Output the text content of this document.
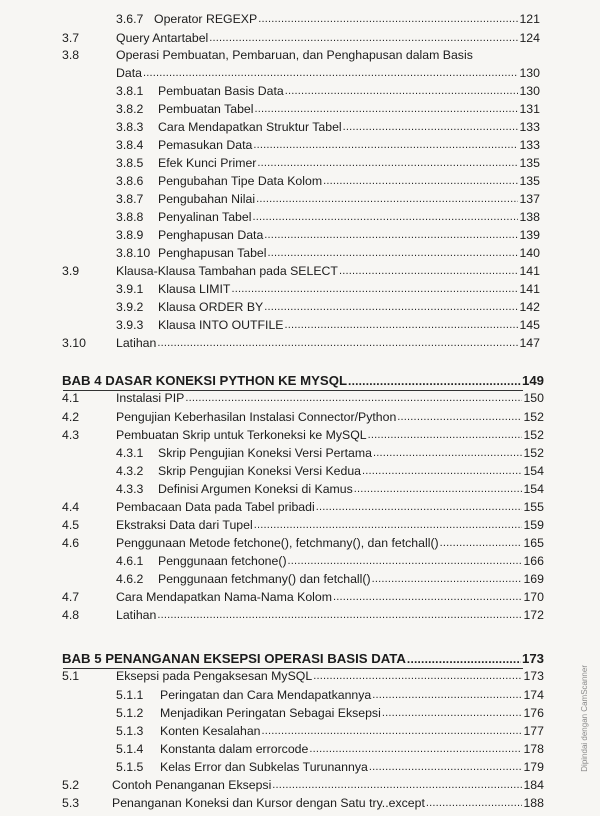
3.6.7 Operator REGEXP .....	121
3.7	Query Antartabel .....	124
3.8	Operasi Pembuatan, Pembaruan, dan Penghapusan dalam Basis
Data .....	130
3.8.1	Pembuatan Basis Data .....	130
3.8.2	Pembuatan Tabel .....	131
3.8.3	Cara Mendapatkan Struktur Tabel .....	133
3.8.4	Pemasukan Data .....	133
3.8.5	Efek Kunci Primer .....	135
3.8.6	Pengubahan Tipe Data Kolom .....	135
3.8.7	Pengubahan Nilai .....	137
3.8.8	Penyalinan Tabel .....	138
3.8.9	Penghapusan Data .....	139
3.8.10 Penghapusan Tabel .....	140
3.9	Klausa-Klausa Tambahan pada SELECT .....	141
3.9.1	Klausa LIMIT .....	141
3.9.2	Klausa ORDER BY .....	142
3.9.3	Klausa INTO OUTFILE .....	145
3.10	Latihan .....	147
BAB 4 DASAR KONEKSI PYTHON KE MYSQL .....	149
4.1	Instalasi PIP .....	150
4.2	Pengujian Keberhasilan Instalasi Connector/Python .....	152
4.3	Pembuatan Skrip untuk Terkoneksi ke MySQL .....	152
4.3.1	Skrip Pengujian Koneksi Versi Pertama .....	152
4.3.2	Skrip Pengujian Koneksi Versi Kedua .....	154
4.3.3	Definisi Argumen Koneksi di Kamus .....	154
4.4	Pembacaan Data pada Tabel pribadi .....	155
4.5	Ekstraksi Data dari Tupel .....	159
4.6	Penggunaan Metode fetchone(), fetchmany(), dan fetchall() .....	165
4.6.1	Penggunaan fetchone() .....	166
4.6.2	Penggunaan fetchmany() dan fetchall() .....	169
4.7	Cara Mendapatkan Nama-Nama Kolom .....	170
4.8	Latihan .....	172
BAB 5 PENANGANAN EKSEPSI OPERASI BASIS DATA .....	173
5.1	Eksepsi pada Pengaksesan MySQL .....	173
5.1.1	Peringatan dan Cara Mendapatkannya .....	174
5.1.2	Menjadikan Peringatan Sebagai Eksepsi .....	176
5.1.3	Konten Kesalahan .....	177
5.1.4	Konstanta dalam errorcode .....	178
5.1.5	Kelas Error dan Subkelas Turunannya .....	179
5.2	Contoh Penanganan Eksepsi .....	184
5.3	Penanganan Koneksi dan Kursor dengan Satu try..except .....	188
Dipindai dengan CamScanner
